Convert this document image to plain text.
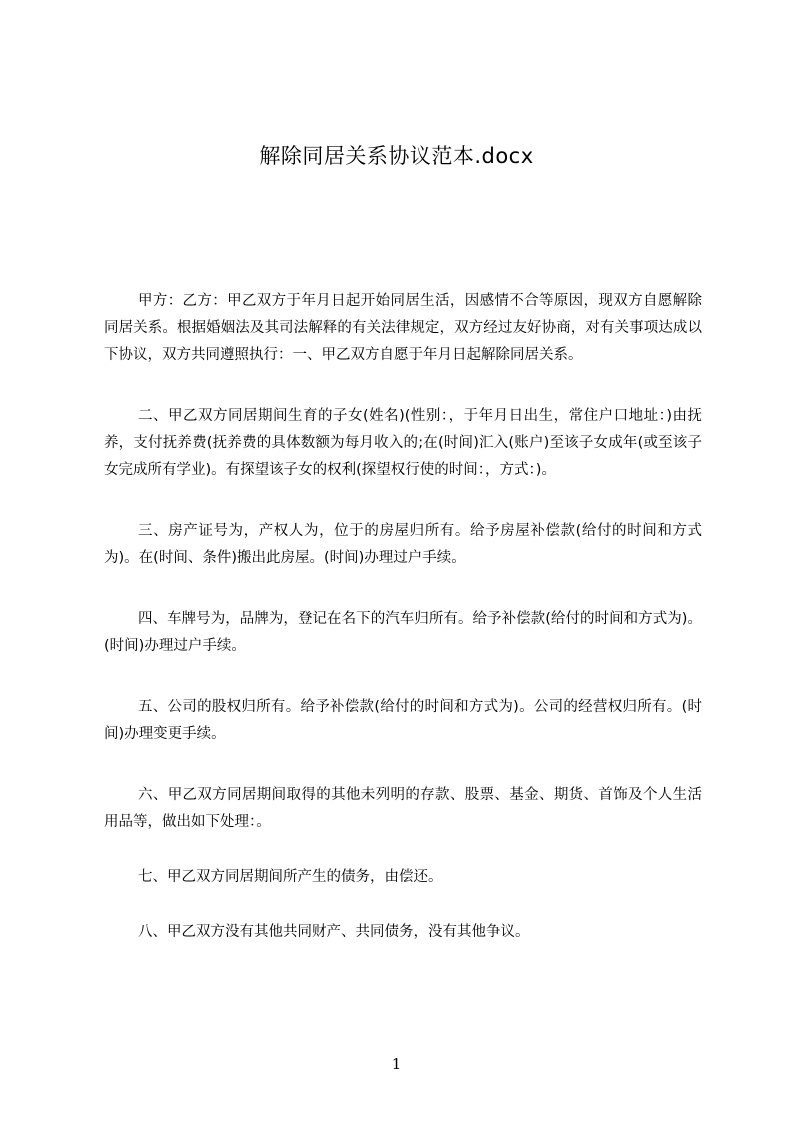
解除同居关系协议范本.docx

甲方：乙方：甲乙双方于年月日起开始同居生活，因感情不合等原因，现双方自愿解除同居关系。根据婚姻法及其司法解释的有关法律规定，双方经过友好协商，对有关事项达成以下协议，双方共同遵照执行：一、甲乙双方自愿于年月日起解除同居关系。

二、甲乙双方同居期间生育的子女(姓名)(性别：，于年月日出生，常住户口地址：)由抚养，支付抚养费(抚养费的具体数额为每月收入的;在(时间)汇入(账户)至该子女成年(或至该子女完成所有学业)。有探望该子女的权利(探望权行使的时间：，方式：)。

三、房产证号为，产权人为，位于的房屋归所有。给予房屋补偿款(给付的时间和方式为)。在(时间、条件)搬出此房屋。(时间)办理过户手续。

四、车牌号为，品牌为，登记在名下的汽车归所有。给予补偿款(给付的时间和方式为)。(时间)办理过户手续。

五、公司的股权归所有。给予补偿款(给付的时间和方式为)。公司的经营权归所有。(时间)办理变更手续。

六、甲乙双方同居期间取得的其他未列明的存款、股票、基金、期货、首饰及个人生活用品等，做出如下处理：。

七、甲乙双方同居期间所产生的债务，由偿还。

八、甲乙双方没有其他共同财产、共同债务，没有其他争议。

1
